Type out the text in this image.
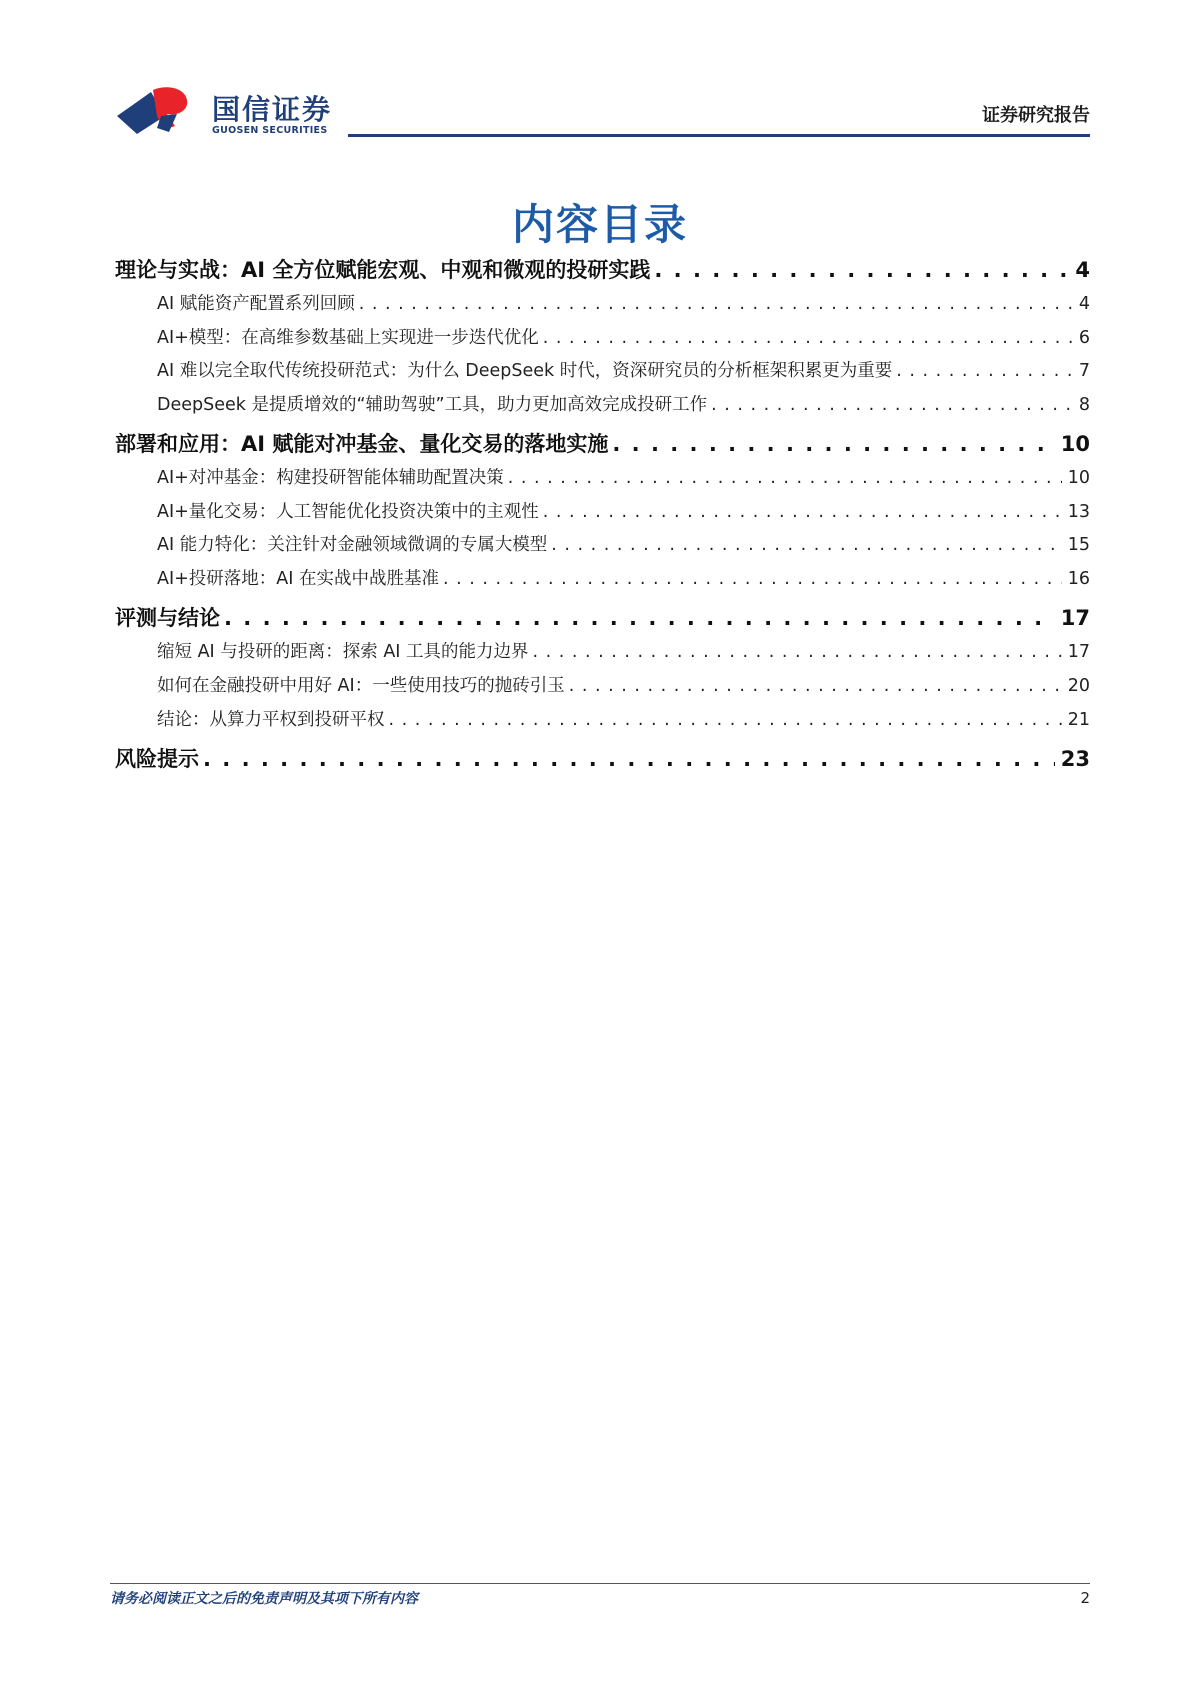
国信证券
GUOSEN SECURITIES
证券研究报告
内容目录
理论与实战：AI 全方位赋能宏观、中观和微观的投研实践 . . .	4
AI 赋能资产配置系列回顾 . . .	4
AI+模型：在高维参数基础上实现进一步迭代优化 . . .	6
AI 难以完全取代传统投研范式：为什么 DeepSeek 时代，资深研究员的分析框架积累更为重要 . . .	7
DeepSeek 是提质增效的“辅助驾驶”工具，助力更加高效完成投研工作 . . .	8
部署和应用：AI 赋能对冲基金、量化交易的落地实施 . . .	10
AI+对冲基金：构建投研智能体辅助配置决策 . . .	10
AI+量化交易：人工智能优化投资决策中的主观性 . . .	13
AI 能力特化：关注针对金融领域微调的专属大模型 . . .	15
AI+投研落地：AI 在实战中战胜基准 . . .	16
评测与结论 . . .	17
缩短 AI 与投研的距离：探索 AI 工具的能力边界 . . .	17
如何在金融投研中用好 AI：一些使用技巧的抛砖引玉 . . .	20
结论：从算力平权到投研平权 . . .	21
风险提示 . . .	23
请务必阅读正文之后的免责声明及其项下所有内容	2
